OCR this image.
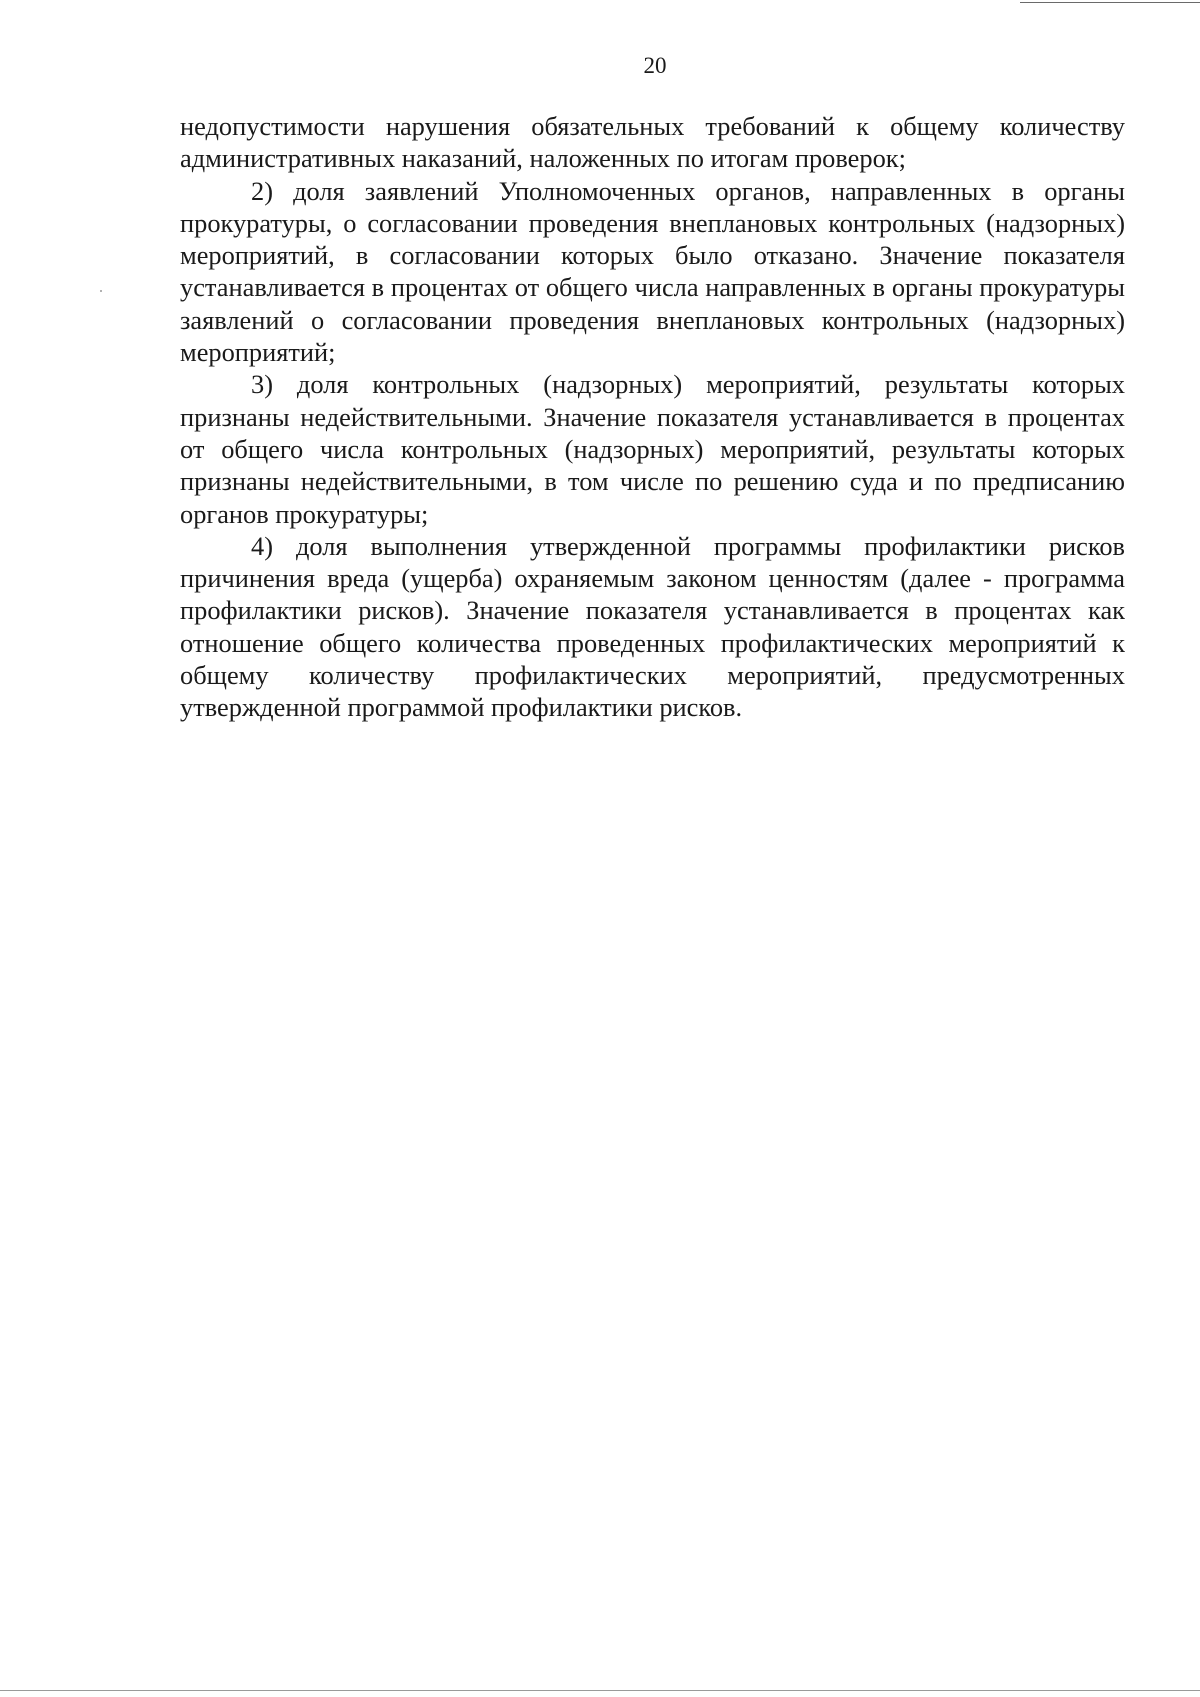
20

недопустимости нарушения обязательных требований к общему количеству административных наказаний, наложенных по итогам проверок;

2) доля заявлений Уполномоченных органов, направленных в органы прокуратуры, о согласовании проведения внеплановых контрольных (надзорных) мероприятий, в согласовании которых было отказано. Значение показателя устанавливается в процентах от общего числа направленных в органы прокуратуры заявлений о согласовании проведения внеплановых контрольных (надзорных) мероприятий;

3) доля контрольных (надзорных) мероприятий, результаты которых признаны недействительными. Значение показателя устанавливается в процентах от общего числа контрольных (надзорных) мероприятий, результаты которых признаны недействительными, в том числе по решению суда и по предписанию органов прокуратуры;

4) доля выполнения утвержденной программы профилактики рисков причинения вреда (ущерба) охраняемым законом ценностям (далее - программа профилактики рисков). Значение показателя устанавливается в процентах как отношение общего количества проведенных профилактических мероприятий к общему количеству профилактических мероприятий, предусмотренных утвержденной программой профилактики рисков.
